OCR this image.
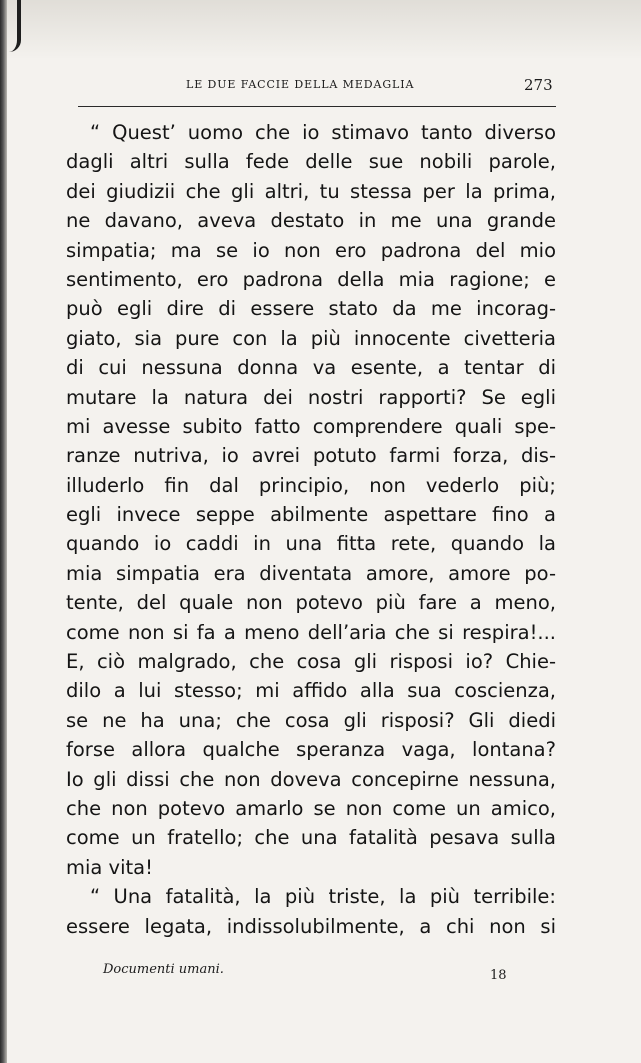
LE DUE FACCIE DELLA MEDAGLIA	273
“ Quest’ uomo che io stimavo tanto diverso
dagli altri sulla fede delle sue nobili parole,
dei giudizii che gli altri, tu stessa per la prima,
ne davano, aveva destato in me una grande
simpatia; ma se io non ero padrona del mio
sentimento, ero padrona della mia ragione; e
può egli dire di essere stato da me incorag-
giato, sia pure con la più innocente civetteria
di cui nessuna donna va esente, a tentar di
mutare la natura dei nostri rapporti? Se egli
mi avesse subito fatto comprendere quali spe-
ranze nutriva, io avrei potuto farmi forza, dis-
illuderlo fin dal principio, non vederlo più;
egli invece seppe abilmente aspettare fino a
quando io caddi in una fitta rete, quando la
mia simpatia era diventata amore, amore po-
tente, del quale non potevo più fare a meno,
come non si fa a meno dell’aria che si respira!...
E, ciò malgrado, che cosa gli risposi io? Chie-
dilo a lui stesso; mi affido alla sua coscienza,
se ne ha una; che cosa gli risposi? Gli diedi
forse allora qualche speranza vaga, lontana?
Io gli dissi che non doveva concepirne nessuna,
che non potevo amarlo se non come un amico,
come un fratello; che una fatalità pesava sulla
mia vita!
“ Una fatalità, la più triste, la più terribile:
essere legata, indissolubilmente, a chi non si
Documenti umani.	18
